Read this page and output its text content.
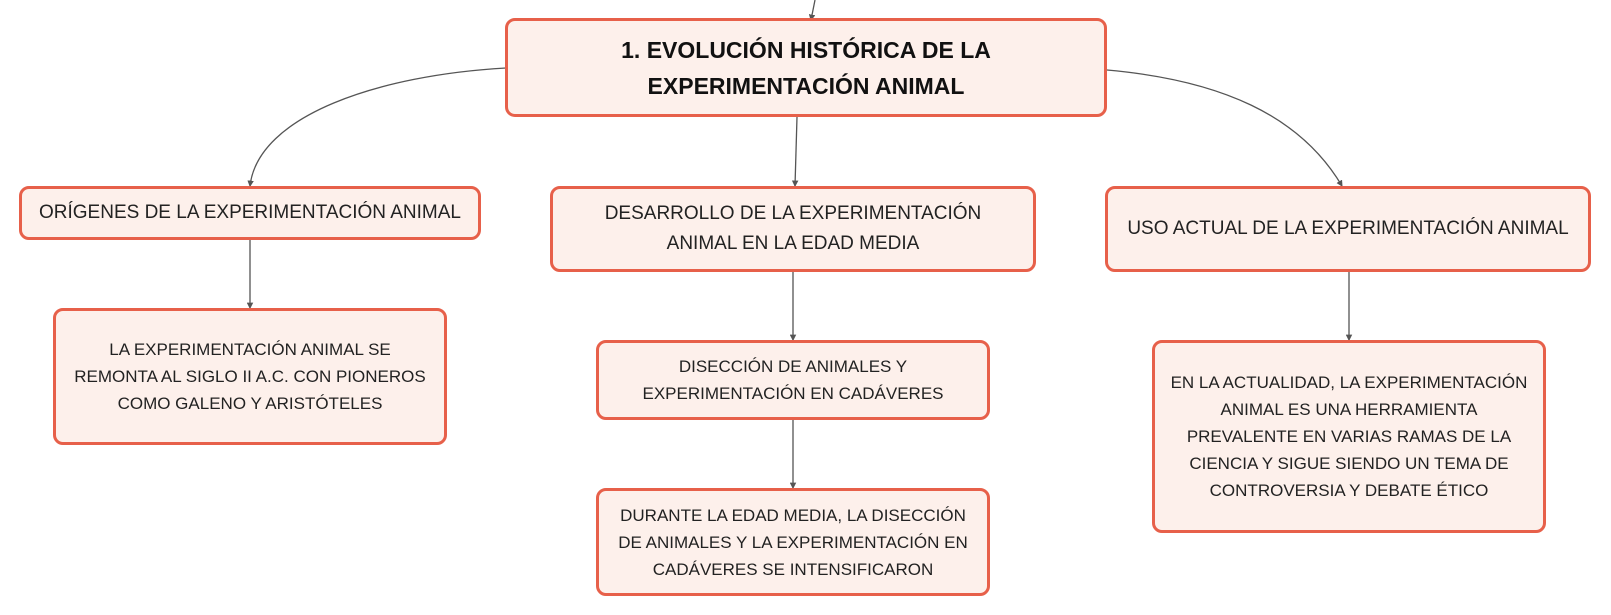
1. EVOLUCIÓN HISTÓRICA DE LA EXPERIMENTACIÓN ANIMAL
ORÍGENES DE LA EXPERIMENTACIÓN ANIMAL	DESARROLLO DE LA EXPERIMENTACIÓN ANIMAL EN LA EDAD MEDIA
USO ACTUAL DE LA EXPERIMENTACIÓN ANIMAL
LA EXPERIMENTACIÓN ANIMAL SE REMONTA AL SIGLO II A.C. CON PIONEROS COMO GALENO Y ARISTÓTELES
DISECCIÓN DE ANIMALES Y EXPERIMENTACIÓN EN CADÁVERES
DURANTE LA EDAD MEDIA, LA DISECCIÓN DE ANIMALES Y LA EXPERIMENTACIÓN EN CADÁVERES SE INTENSIFICARON
EN LA ACTUALIDAD, LA EXPERIMENTACIÓN ANIMAL ES UNA HERRAMIENTA PREVALENTE EN VARIAS RAMAS DE LA CIENCIA Y SIGUE SIENDO UN TEMA DE CONTROVERSIA Y DEBATE ÉTICO
